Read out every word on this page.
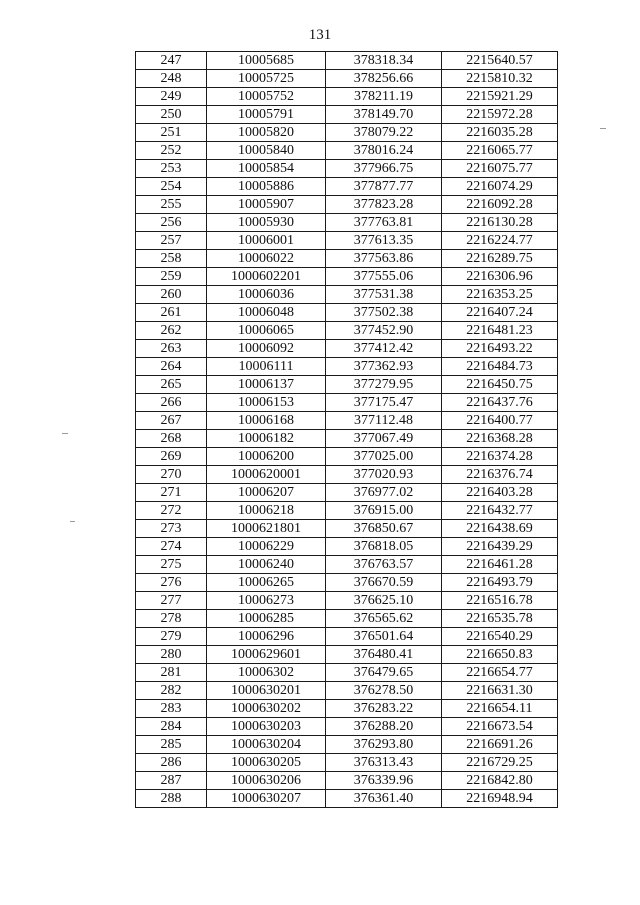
131
247	10005685	378318.34	2215640.57
248	10005725	378256.66	2215810.32
249	10005752	378211.19	2215921.29
250	10005791	378149.70	2215972.28
251	10005820	378079.22	2216035.28
252	10005840	378016.24	2216065.77
253	10005854	377966.75	2216075.77
254	10005886	377877.77	2216074.29
255	10005907	377823.28	2216092.28
256	10005930	377763.81	2216130.28
257	10006001	377613.35	2216224.77
258	10006022	377563.86	2216289.75
259	1000602201	377555.06	2216306.96
260	10006036	377531.38	2216353.25
261	10006048	377502.38	2216407.24
262	10006065	377452.90	2216481.23
263	10006092	377412.42	2216493.22
264	10006111	377362.93	2216484.73
265	10006137	377279.95	2216450.75
266	10006153	377175.47	2216437.76
267	10006168	377112.48	2216400.77
268	10006182	377067.49	2216368.28
269	10006200	377025.00	2216374.28
270	1000620001	377020.93	2216376.74
271	10006207	376977.02	2216403.28
272	10006218	376915.00	2216432.77
273	1000621801	376850.67	2216438.69
274	10006229	376818.05	2216439.29
275	10006240	376763.57	2216461.28
276	10006265	376670.59	2216493.79
277	10006273	376625.10	2216516.78
278	10006285	376565.62	2216535.78
279	10006296	376501.64	2216540.29
280	1000629601	376480.41	2216650.83
281	10006302	376479.65	2216654.77
282	1000630201	376278.50	2216631.30
283	1000630202	376283.22	2216654.11
284	1000630203	376288.20	2216673.54
285	1000630204	376293.80	2216691.26
286	1000630205	376313.43	2216729.25
287	1000630206	376339.96	2216842.80
288	1000630207	376361.40	2216948.94
